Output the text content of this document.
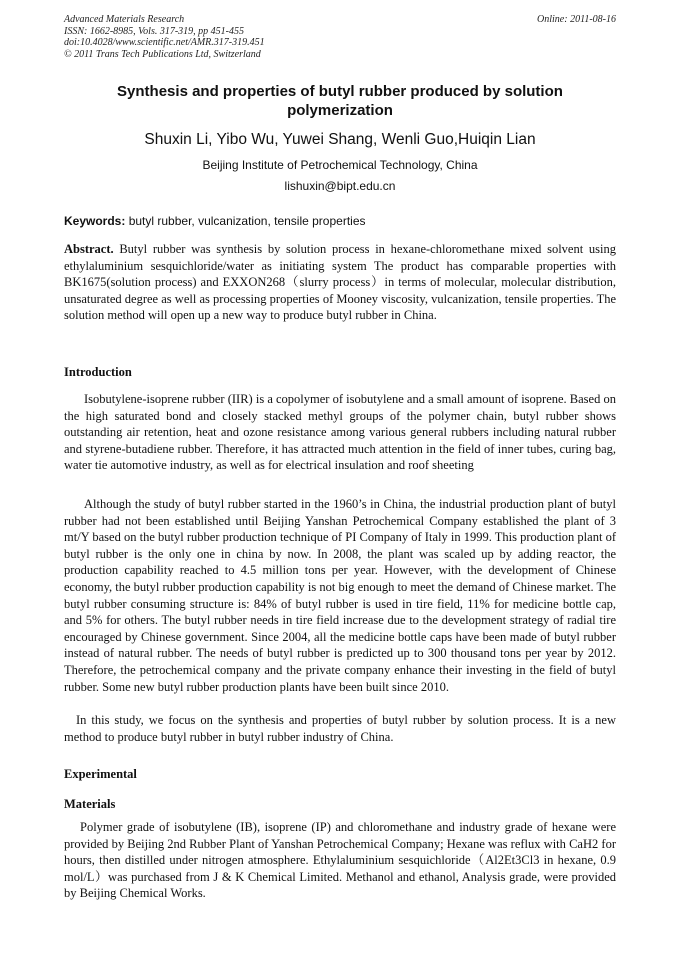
Advanced Materials Research
ISSN: 1662-8985, Vols. 317-319, pp 451-455
doi:10.4028/www.scientific.net/AMR.317-319.451
© 2011 Trans Tech Publications Ltd, Switzerland
Online: 2011-08-16
Synthesis and properties of butyl rubber produced by solution polymerization
Shuxin Li, Yibo Wu, Yuwei Shang, Wenli Guo,Huiqin Lian
Beijing Institute of Petrochemical Technology, China
lishuxin@bipt.edu.cn
Keywords: butyl rubber, vulcanization, tensile properties
Abstract. Butyl rubber was synthesis by solution process in hexane-chloromethane mixed solvent using ethylaluminium sesquichloride/water as initiating system The product has comparable properties with BK1675(solution process) and EXXON268（slurry process）in terms of molecular, molecular distribution, unsaturated degree as well as processing properties of Mooney viscosity, vulcanization, tensile properties. The solution method will open up a new way to produce butyl rubber in China.
Introduction
Isobutylene-isoprene rubber (IIR) is a copolymer of isobutylene and a small amount of isoprene. Based on the high saturated bond and closely stacked methyl groups of the polymer chain, butyl rubber shows outstanding air retention, heat and ozone resistance among various general rubbers including natural rubber and styrene-butadiene rubber. Therefore, it has attracted much attention in the field of inner tubes, curing bag, water tie automotive industry, as well as for electrical insulation and roof sheeting
Although the study of butyl rubber started in the 1960’s in China, the industrial production plant of butyl rubber had not been established until Beijing Yanshan Petrochemical Company established the plant of 3 mt/Y based on the butyl rubber production technique of PI Company of Italy in 1999. This production plant of butyl rubber is the only one in china by now. In 2008, the plant was scaled up by adding reactor, the production capability reached to 4.5 million tons per year. However, with the development of Chinese economy, the butyl rubber production capability is not big enough to meet the demand of Chinese market. The butyl rubber consuming structure is: 84% of butyl rubber is used in tire field, 11% for medicine bottle cap, and 5% for others. The butyl rubber needs in tire field increase due to the development strategy of radial tire encouraged by Chinese government. Since 2004, all the medicine bottle caps have been made of butyl rubber instead of natural rubber. The needs of butyl rubber is predicted up to 300 thousand tons per year by 2012. Therefore, the petrochemical company and the private company enhance their investing in the field of butyl rubber. Some new butyl rubber production plants have been built since 2010.
In this study, we focus on the synthesis and properties of butyl rubber by solution process. It is a new method to produce butyl rubber in butyl rubber industry of China.
Experimental
Materials
Polymer grade of isobutylene (IB), isoprene (IP) and chloromethane and industry grade of hexane were provided by Beijing 2nd Rubber Plant of Yanshan Petrochemical Company; Hexane was reflux with CaH2 for hours, then distilled under nitrogen atmosphere. Ethylaluminium sesquichloride（Al2Et3Cl3 in hexane, 0.9 mol/L）was purchased from J & K Chemical Limited. Methanol and ethanol, Analysis grade, were provided by Beijing Chemical Works.
